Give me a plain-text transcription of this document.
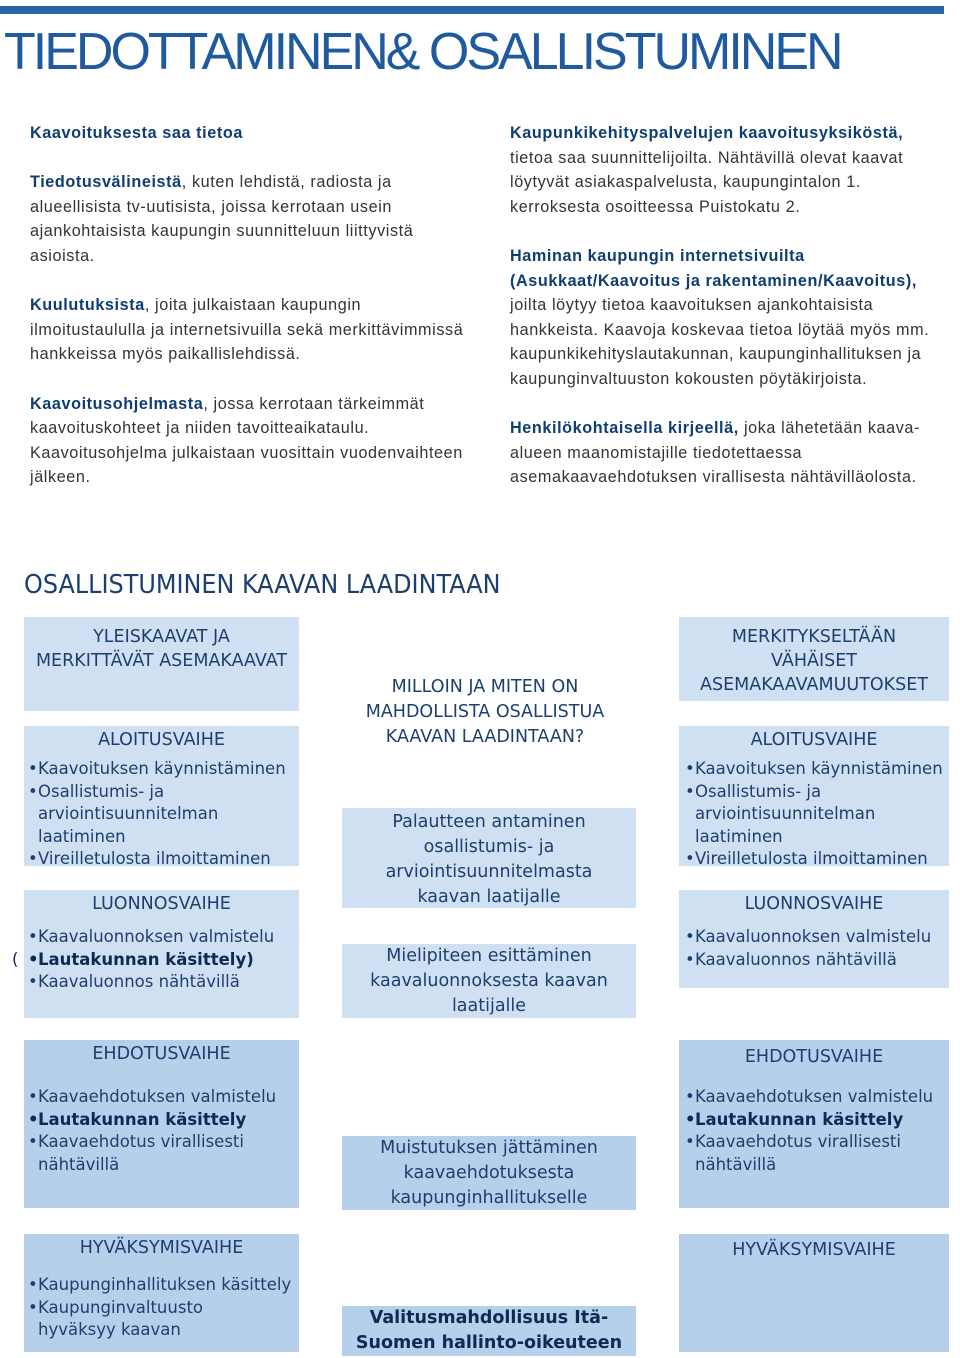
TIEDOTTAMINEN& OSALLISTUMINEN

Kaavoituksesta saa tietoa

Tiedotusvälineistä, kuten lehdistä, radiosta ja alueellisista tv-uutisista, joissa kerrotaan usein ajankohtaisista kaupungin suunnitteluun liittyvistä asioista.

Kuulutuksista, joita julkaistaan kaupungin ilmoitustaululla ja internetsivuilla sekä merkittävimmissä hankkeissa myös paikallislehdissä.

Kaavoitusohjelmasta, jossa kerrotaan tärkeimmät kaavoituskohteet ja niiden tavoitteaikataulu. Kaavoitusohjelma julkaistaan vuosittain vuodenvaihteen jälkeen.

Kaupunkikehityspalvelujen kaavoitusyksiköstä, tietoa saa suunnittelijoilta. Nähtävillä olevat kaavat löytyvät asiakaspalvelusta, kaupungintalon 1. kerroksesta osoitteessa Puistokatu 2.

Haminan kaupungin internetsivuilta (Asukkaat/Kaavoitus ja rakentaminen/Kaavoitus), joilta löytyy tietoa kaavoituksen ajankohtaisista hankkeista. Kaavoja koskevaa tietoa löytää myös mm. kaupunkikehityslautakunnan, kaupunginhallituksen ja kaupunginvaltuuston kokousten pöytäkirjoista.

Henkilökohtaisella kirjeellä, joka lähetetään kaava-alueen maanomistajille tiedotettaessa asemakaavaehdotuksen virallisesta nähtävilläolosta.

OSALLISTUMINEN KAAVAN LAADINTAAN
YLEISKAAVAT JA MERKITTÄVÄT ASEMAKAAVAT
ALOITUSVAIHE
• Kaavoituksen käynnistäminen
• Osallistumis- ja arviointisuunnitelman laatiminen
• Vireilletulosta ilmoittaminen
LUONNOSVAIHE
• Kaavaluonnoksen valmistelu
• ( Lautakunnan käsittely)
• Kaavaluonnos nähtävillä
EHDOTUSVAIHE
• Kaavaehdotuksen valmistelu
• Lautakunnan käsittely
• Kaavaehdotus virallisesti nähtävillä
HYVÄKSYMISVAIHE
• Kaupunginhallituksen käsittely
• Kaupunginvaltuusto hyväksyy kaavan
MILLOIN JA MITEN ON MAHDOLLISTA OSALLISTUA KAAVAN LAADINTAAN?
Palautteen antaminen osallistumis- ja arviointisuunnitelmasta kaavan laatijalle
Mielipiteen esittäminen kaavaluonnoksesta kaavan laatijalle
Muistutuksen jättäminen kaavaehdotuksesta kaupunginhallitukselle
Valitusmahdollisuus Itä-Suomen hallinto-oikeuteen
MERKITYKSELTÄÄN VÄHÄISET ASEMAKAAVAMUUTOKSET
ALOITUSVAIHE
• Kaavoituksen käynnistäminen
• Osallistumis- ja arviointisuunnitelman laatiminen
• Vireilletulosta ilmoittaminen
LUONNOSVAIHE
• Kaavaluonnoksen valmistelu
• Kaavaluonnos nähtävillä
EHDOTUSVAIHE
• Kaavaehdotuksen valmistelu
• Lautakunnan käsittely
• Kaavaehdotus virallisesti nähtävillä
HYVÄKSYMISVAIHE
